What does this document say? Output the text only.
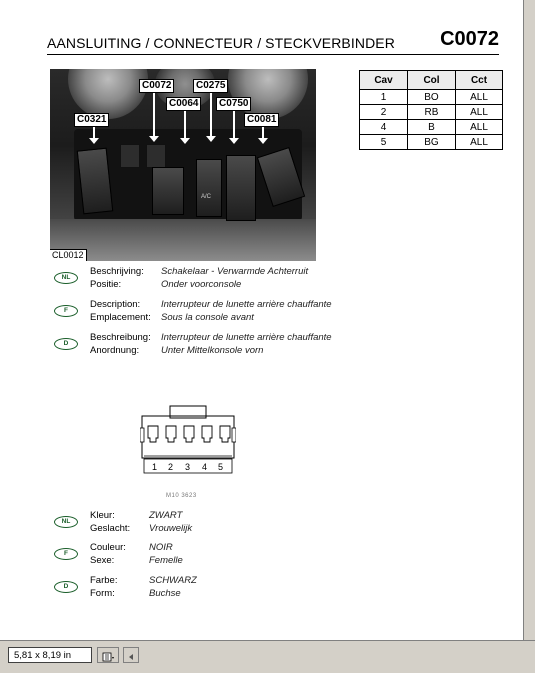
AANSLUITING / CONNECTEUR / STECKVERBINDER C0072
A/C
C0072	C0275
C0064	C0750
C0321	C0081
CL0012
Cav	Col	Cct
1	BO	ALL
2	RB	ALL
4	B	ALL
5	BG	ALL
NL
Beschrijving:	Schakelaar - Verwarmde Achterruit
Positie:	Onder voorconsole
F
Description:	Interrupteur de lunette arrière chauffante
Emplacement:	Sous la console avant
D
Beschreibung:	Interrupteur de lunette arrière chauffante
Anordnung:	Unter Mittelkonsole vorn
1 2 3 4 5
M10 3623
NL
Kleur:	ZWART
Geslacht:	Vrouwelijk
F
Couleur:	NOIR
Sexe:	Femelle
D
Farbe:	SCHWARZ
Form:	Buchse
5,81 x 8,19 in
